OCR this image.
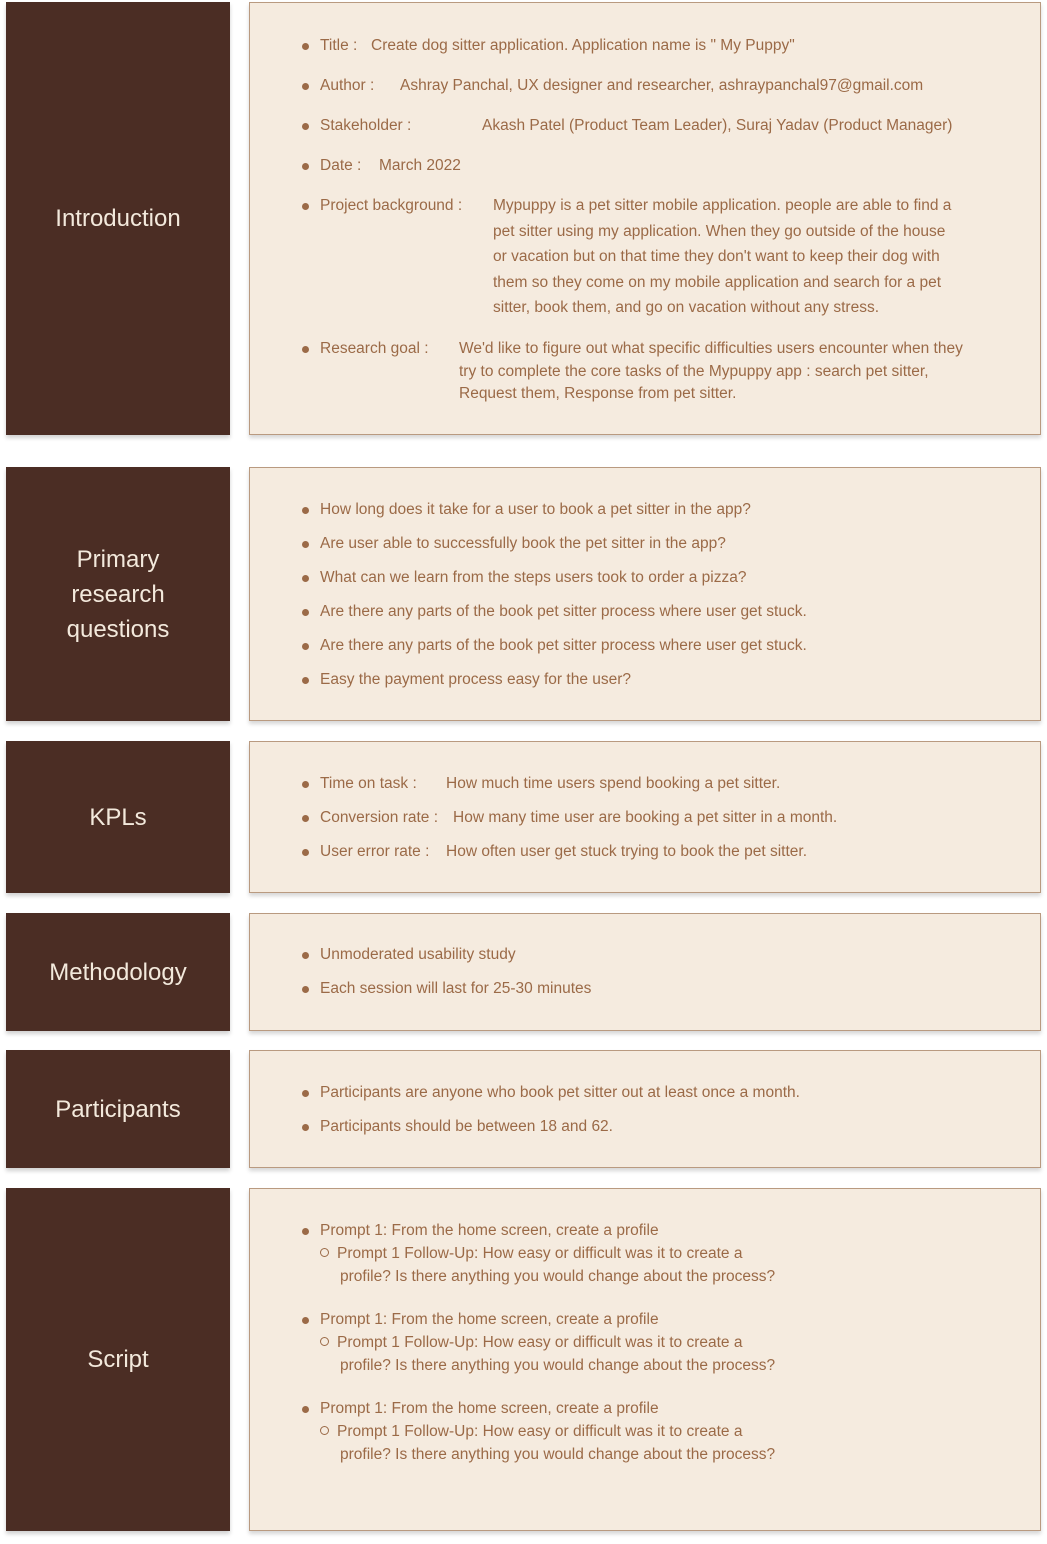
Introduction
Title : Create dog sitter application. Application name is " My Puppy"
Author : Ashray Panchal, UX designer and researcher, ashraypanchal97@gmail.com
Stakeholder :	Akash Patel (Product Team Leader), Suraj Yadav (Product Manager)
Date : March 2022
Project background : Mypuppy is a pet sitter mobile application. people are able to find a
pet sitter using my application. When they go outside of the house
or vacation but on that time they don't want to keep their dog with
them so they come on my mobile application and search for a pet
sitter, book them, and go on vacation without any stress.
Research goal : We'd like to figure out what specific difficulties users encounter when they
try to complete the core tasks of the Mypuppy app : search pet sitter,
Request them, Response from pet sitter.
Primary
research
questions
How long does it take for a user to book a pet sitter in the app?
Are user able to successfully book the pet sitter in the app?
What can we learn from the steps users took to order a pizza?
Are there any parts of the book pet sitter process where user get stuck.
Are there any parts of the book pet sitter process where user get stuck.
Easy the payment process easy for the user?
KPLs
Time on task : How much time users spend booking a pet sitter.
Conversion rate : How many time user are booking a pet sitter in a month.
User error rate : How often user get stuck trying to book the pet sitter.
Methodology
Unmoderated usability study
Each session will last for 25-30 minutes
Participants
Participants are anyone who book pet sitter out at least once a month.
Participants should be between 18 and 62.
Script
Prompt 1: From the home screen, create a profile
Prompt 1 Follow-Up: How easy or difficult was it to create a
profile? Is there anything you would change about the process?
Prompt 1: From the home screen, create a profile
Prompt 1 Follow-Up: How easy or difficult was it to create a
profile? Is there anything you would change about the process?
Prompt 1: From the home screen, create a profile
Prompt 1 Follow-Up: How easy or difficult was it to create a
profile? Is there anything you would change about the process?
